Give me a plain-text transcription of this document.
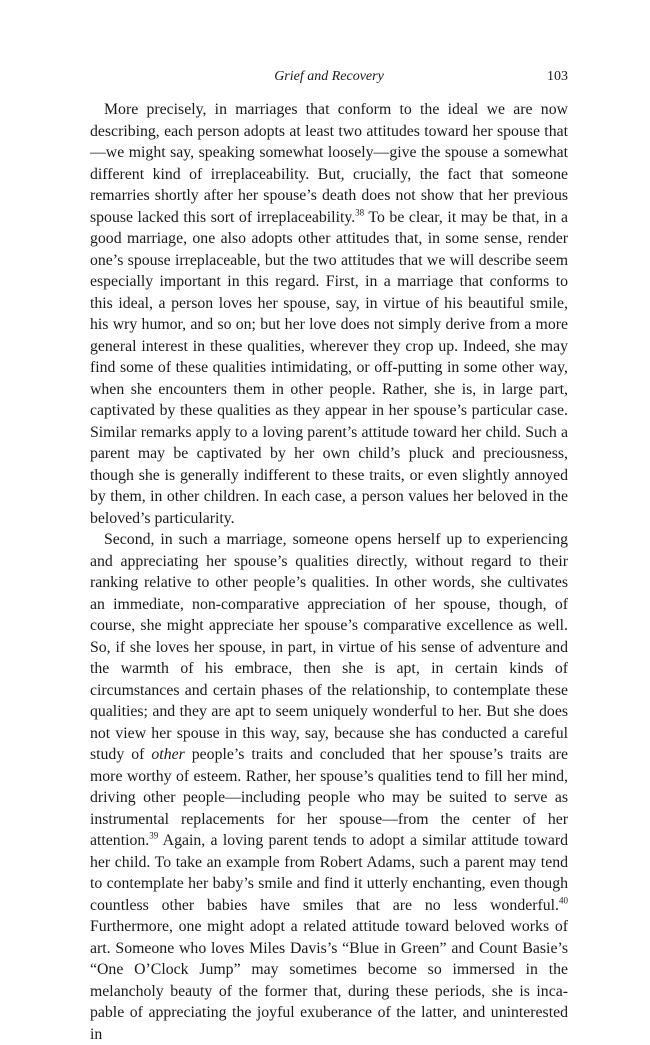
Grief and Recovery	103

More precisely, in marriages that conform to the ideal we are now describing, each person adopts at least two attitudes toward her spouse that—we might say, speaking somewhat loosely—give the spouse a somewhat different kind of irreplaceability. But, crucially, the fact that someone remarries shortly after her spouse’s death does not show that her previous spouse lacked this sort of irreplaceability.$^{38}$ To be clear, it may be that, in a good marriage, one also adopts other attitudes that, in some sense, render one’s spouse irreplaceable, but the two attitudes that we will describe seem especially important in this regard. First, in a marriage that conforms to this ideal, a person loves her spouse, say, in virtue of his beautiful smile, his wry humor, and so on; but her love does not simply derive from a more general interest in these qualities, wherever they crop up. Indeed, she may find some of these qualities intimidating, or off-putting in some other way, when she encounters them in other people. Rather, she is, in large part, captivated by these qualities as they appear in her spouse’s particular case. Similar remarks apply to a loving parent’s attitude toward her child. Such a parent may be captivated by her own child’s pluck and preciousness, though she is generally indifferent to these traits, or even slightly annoyed by them, in other children. In each case, a person values her beloved in the beloved’s particularity.

Second, in such a marriage, someone opens herself up to experiencing and appreciating her spouse’s qualities directly, without regard to their ranking relative to other people’s qualities. In other words, she cultivates an immediate, non-comparative appreciation of her spouse, though, of course, she might appreciate her spouse’s comparative excellence as well. So, if she loves her spouse, in part, in virtue of his sense of adventure and the warmth of his embrace, then she is apt, in certain kinds of circumstances and certain phases of the relationship, to contemplate these qualities; and they are apt to seem uniquely wonderful to her. But she does not view her spouse in this way, say, because she has conducted a careful study of other people’s traits and concluded that her spouse’s traits are more worthy of esteem. Rather, her spouse’s qualities tend to fill her mind, driving other people—including people who may be suited to serve as instrumental replacements for her spouse—from the center of her attention.$^{39}$ Again, a loving parent tends to adopt a similar attitude toward her child. To take an example from Robert Adams, such a parent may tend to contemplate her baby’s smile and find it utterly enchanting, even though countless other babies have smiles that are no less wonderful.$^{40}$ Furthermore, one might adopt a related attitude toward beloved works of art. Someone who loves Miles Davis’s “Blue in Green” and Count Basie’s “One O’Clock Jump” may sometimes become so immersed in the melancholy beauty of the former that, during these periods, she is incapable of appreciating the joyful exuberance of the latter, and uninterested in
